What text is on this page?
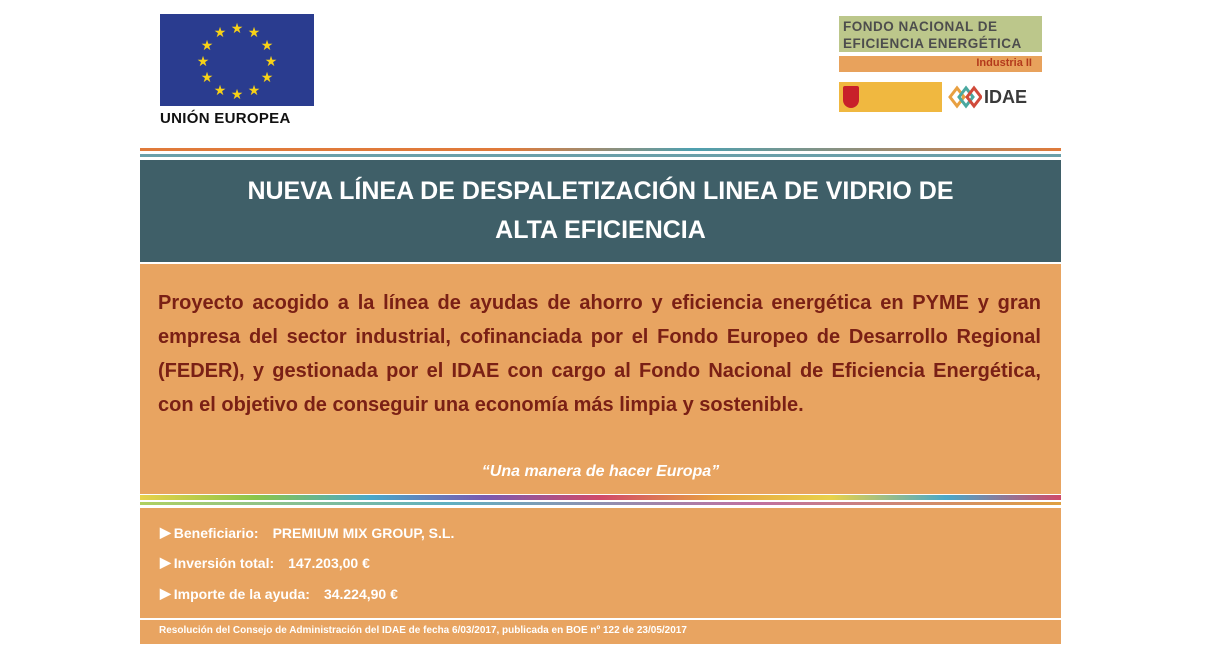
★ ★
★
★
★
★
★
★
★
★
★
★
UNIÓN EUROPEA
FONDO NACIONAL DE
EFICIENCIA ENERGÉTICA
Industria II
IDAE
NUEVA LÍNEA DE DESPALETIZACIÓN LINEA DE VIDRIO DE
ALTA EFICIENCIA
Proyecto acogido a la línea de ayudas de ahorro y eficiencia energética en PYME y gran empresa del sector industrial, cofinanciada por el Fondo Europeo de Desarrollo Regional (FEDER), y gestionada por el IDAE con cargo al Fondo Nacional de Eficiencia Energética, con el objetivo de conseguir una economía más limpia y sostenible.
“Una manera de hacer Europa”
▶ Beneficiario: PREMIUM MIX GROUP, S.L.
▶ Inversión total: 147.203,00 €
▶ Importe de la ayuda: 34.224,90 €
Resolución del Consejo de Administración del IDAE de fecha 6/03/2017, publicada en BOE nº 122 de 23/05/2017
